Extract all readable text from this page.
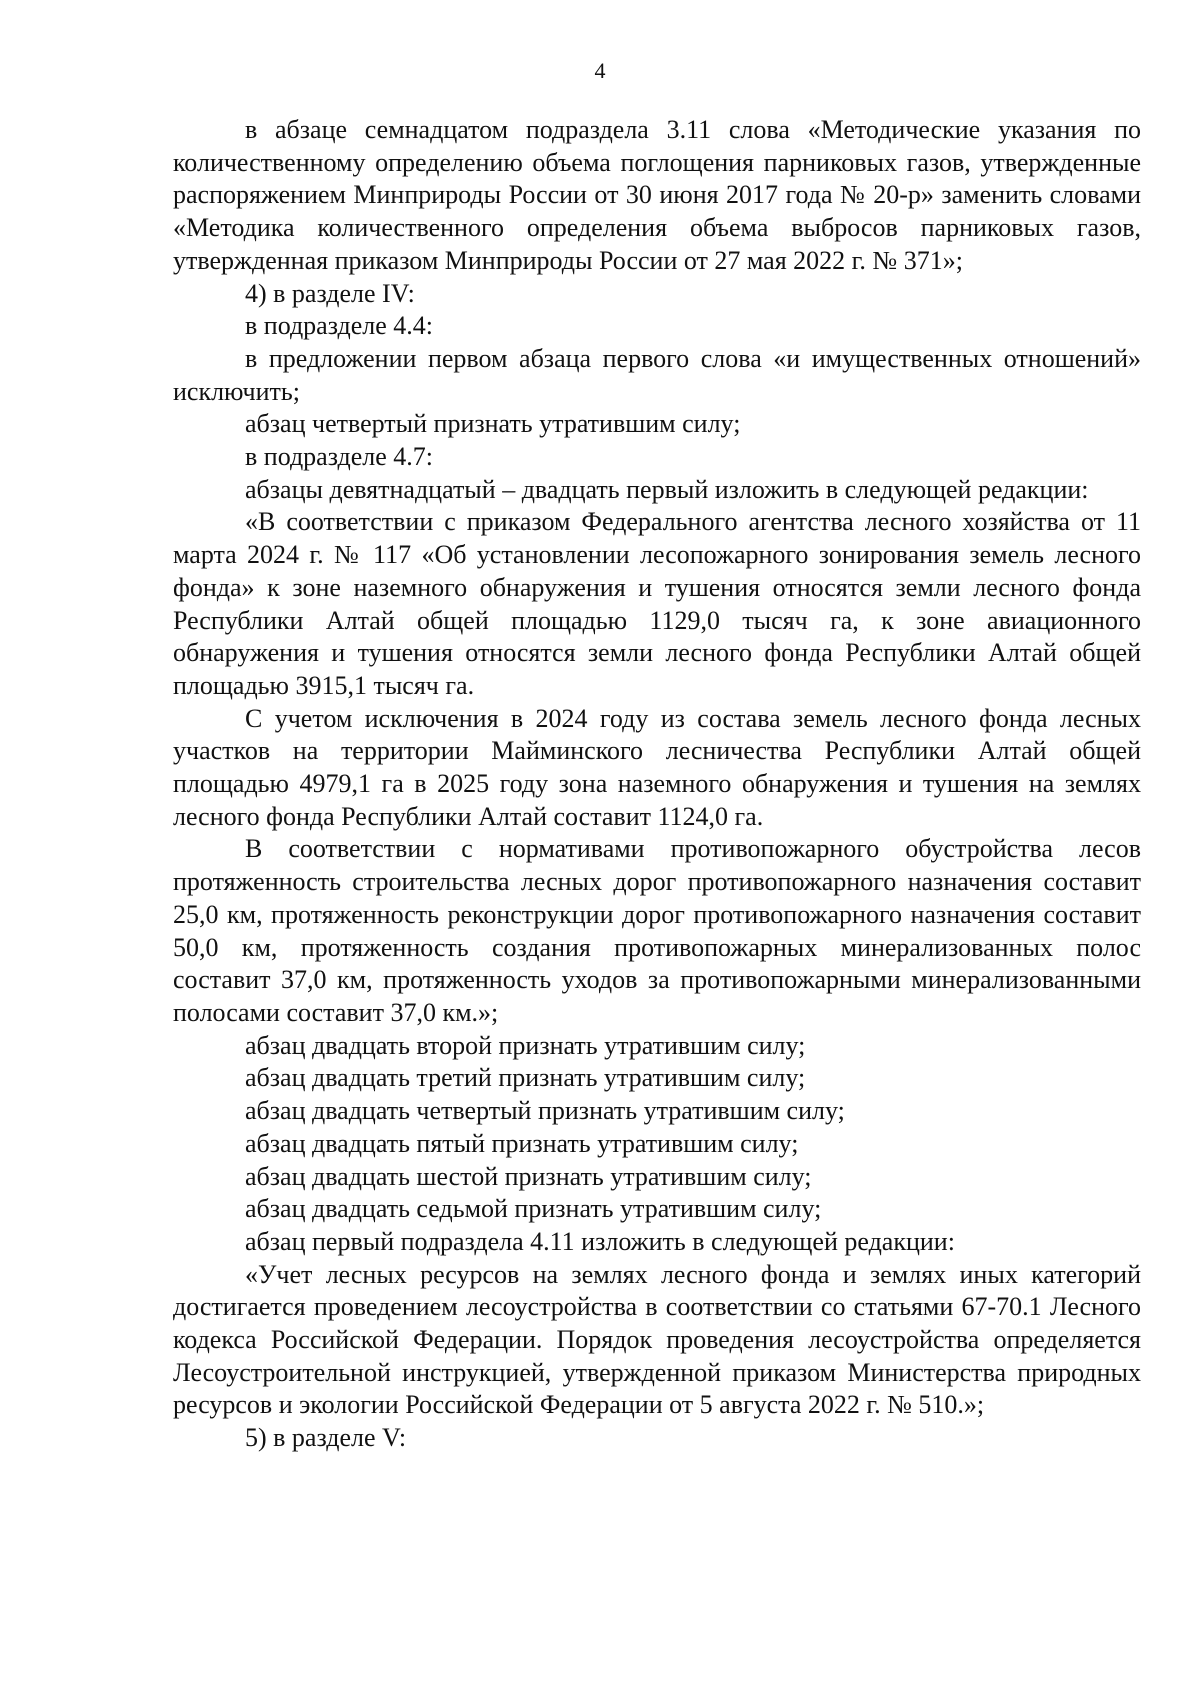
4

в абзаце семнадцатом подраздела 3.11 слова «Методические указания по количественному определению объема поглощения парниковых газов, утвержденные распоряжением Минприроды России от 30 июня 2017 года № 20-р» заменить словами «Методика количественного определения объема выбросов парниковых газов, утвержденная приказом Минприроды России от 27 мая 2022 г. № 371»;

4) в разделе IV:

в подразделе 4.4:

в предложении первом абзаца первого слова «и имущественных отношений» исключить;

абзац четвертый признать утратившим силу;

в подразделе 4.7:

абзацы девятнадцатый – двадцать первый изложить в следующей редакции:

«В соответствии с приказом Федерального агентства лесного хозяйства от 11 марта 2024 г. № 117 «Об установлении лесопожарного зонирования земель лесного фонда» к зоне наземного обнаружения и тушения относятся земли лесного фонда Республики Алтай общей площадью 1129,0 тысяч га, к зоне авиационного обнаружения и тушения относятся земли лесного фонда Республики Алтай общей площадью 3915,1 тысяч га.

С учетом исключения в 2024 году из состава земель лесного фонда лесных участков на территории Майминского лесничества Республики Алтай общей площадью 4979,1 га в 2025 году зона наземного обнаружения и тушения на землях лесного фонда Республики Алтай составит 1124,0 га.

В соответствии с нормативами противопожарного обустройства лесов протяженность строительства лесных дорог противопожарного назначения составит 25,0 км, протяженность реконструкции дорог противопожарного назначения составит 50,0 км, протяженность создания противопожарных минерализованных полос составит 37,0 км, протяженность уходов за противопожарными минерализованными полосами составит 37,0 км.»;

абзац двадцать второй признать утратившим силу;

абзац двадцать третий признать утратившим силу;

абзац двадцать четвертый признать утратившим силу;

абзац двадцать пятый признать утратившим силу;

абзац двадцать шестой признать утратившим силу;

абзац двадцать седьмой признать утратившим силу;

абзац первый подраздела 4.11 изложить в следующей редакции:

«Учет лесных ресурсов на землях лесного фонда и землях иных категорий достигается проведением лесоустройства в соответствии со статьями 67-70.1 Лесного кодекса Российской Федерации. Порядок проведения лесоустройства определяется Лесоустроительной инструкцией, утвержденной приказом Министерства природных ресурсов и экологии Российской Федерации от 5 августа 2022 г. № 510.»;

5) в разделе V:
